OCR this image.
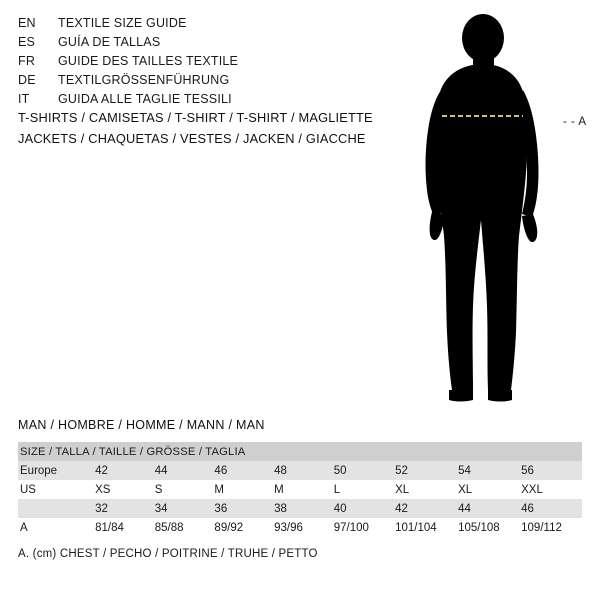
EN	TEXTILE SIZE GUIDE
ES	GUÍA DE TALLAS
FR	GUIDE DES TAILLES TEXTILE
DE	TEXTILGRÖSSENFÜHRUNG
IT	GUIDA ALLE TAGLIE TESSILI
T-SHIRTS / CAMISETAS / T-SHIRT / T-SHIRT / MAGLIETTE
JACKETS / CHAQUETAS / VESTES / JACKEN / GIACCHE
- - A
MAN / HOMBRE / HOMME / MANN / MAN
SIZE / TALLA / TAILLE / GRÖSSE / TAGLIA								
Europe	42	44	46	48	50	52	54	56
US	XS	S	M	M	L	XL	XL	XXL
	32	34	36	38	40	42	44	46
A	81/84	85/88	89/92	93/96	97/100	101/104	105/108	109/112
A. (cm) CHEST / PECHO / POITRINE / TRUHE / PETTO
